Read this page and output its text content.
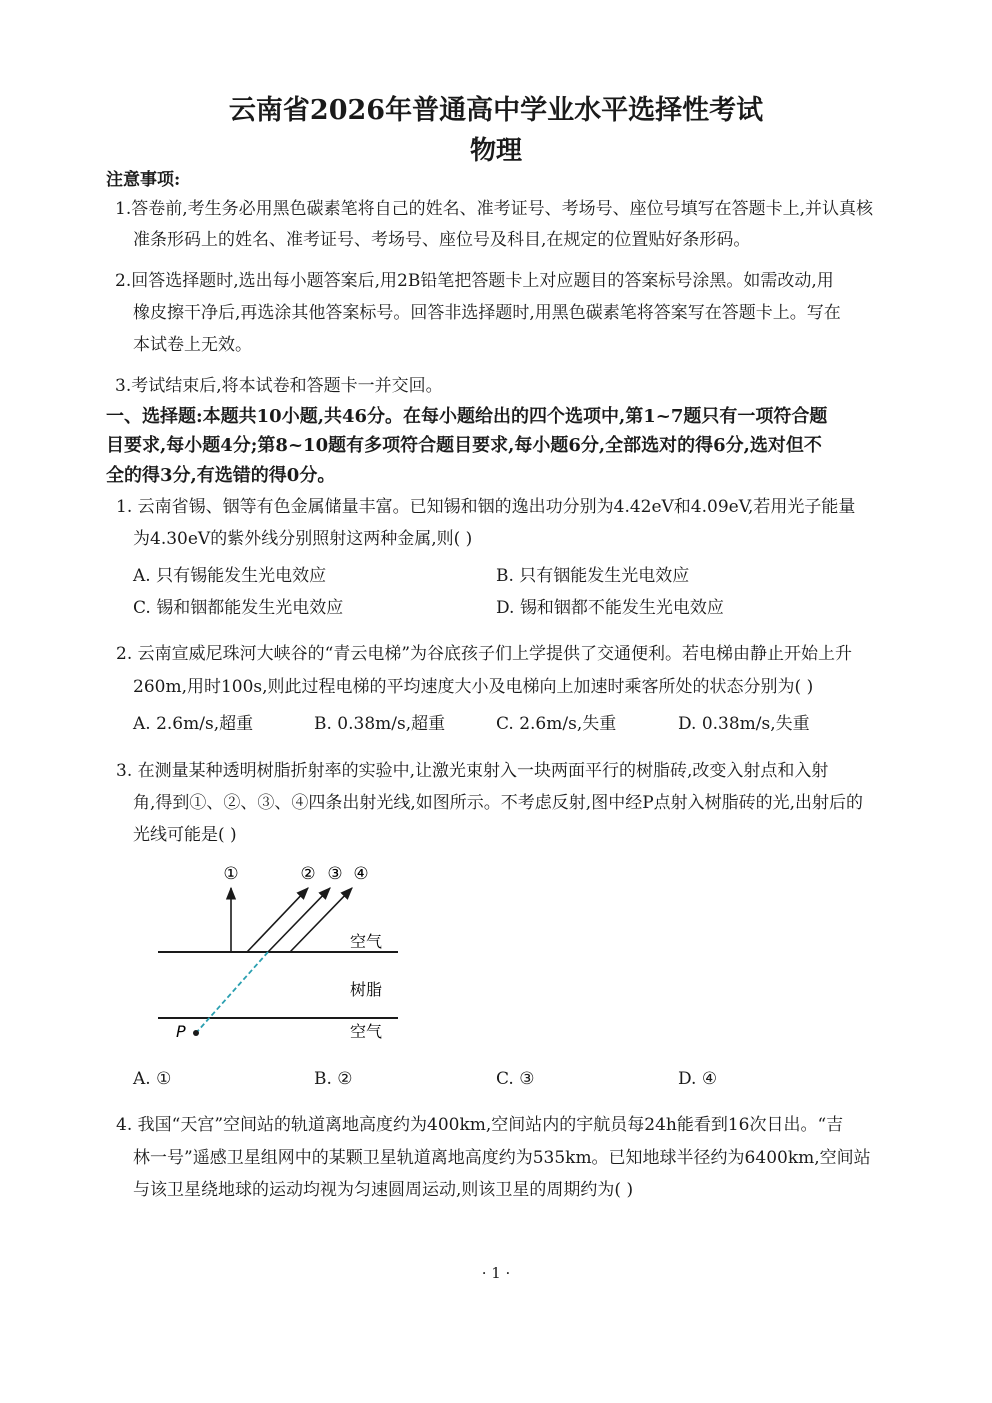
云南省2026年普通高中学业水平选择性考试
物理
注意事项:
1.答卷前,考生务必用黑色碳素笔将自己的姓名、准考证号、考场号、座位号填写在答题卡上,并认真核
准条形码上的姓名、准考证号、考场号、座位号及科目,在规定的位置贴好条形码。
2.回答选择题时,选出每小题答案后,用2B铅笔把答题卡上对应题目的答案标号涂黑。如需改动,用
橡皮擦干净后,再选涂其他答案标号。回答非选择题时,用黑色碳素笔将答案写在答题卡上。写在
本试卷上无效。
3.考试结束后,将本试卷和答题卡一并交回。
一、选择题:本题共10小题,共46分。在每小题给出的四个选项中,第1~7题只有一项符合题
目要求,每小题4分;第8~10题有多项符合题目要求,每小题6分,全部选对的得6分,选对但不
全的得3分,有选错的得0分。
1. 云南省锡、铟等有色金属储量丰富。已知锡和铟的逸出功分别为4.42eV和4.09eV,若用光子能量
为4.30eV的紫外线分别照射这两种金属,则( )
A. 只有锡能发生光电效应	B. 只有铟能发生光电效应
C. 锡和铟都能发生光电效应	D. 锡和铟都不能发生光电效应
2. 云南宣威尼珠河大峡谷的“青云电梯”为谷底孩子们上学提供了交通便利。若电梯由静止开始上升
260m,用时100s,则此过程电梯的平均速度大小及电梯向上加速时乘客所处的状态分别为( )
A. 2.6m/s,超重	B. 0.38m/s,超重	C. 2.6m/s,失重	D. 0.38m/s,失重
3. 在测量某种透明树脂折射率的实验中,让激光束射入一块两面平行的树脂砖,改变入射点和入射
角,得到①、②、③、④四条出射光线,如图所示。不考虑反射,图中经P点射入树脂砖的光,出射后的
光线可能是( )
P
①	② ③ ④
空气
树脂
空气
A. ①	B. ②	C. ③	D. ④
4. 我国“天宫”空间站的轨道离地高度约为400km,空间站内的宇航员每24h能看到16次日出。“吉
林一号”遥感卫星组网中的某颗卫星轨道离地高度约为535km。已知地球半径约为6400km,空间站
与该卫星绕地球的运动均视为匀速圆周运动,则该卫星的周期约为( )
· 1 ·
